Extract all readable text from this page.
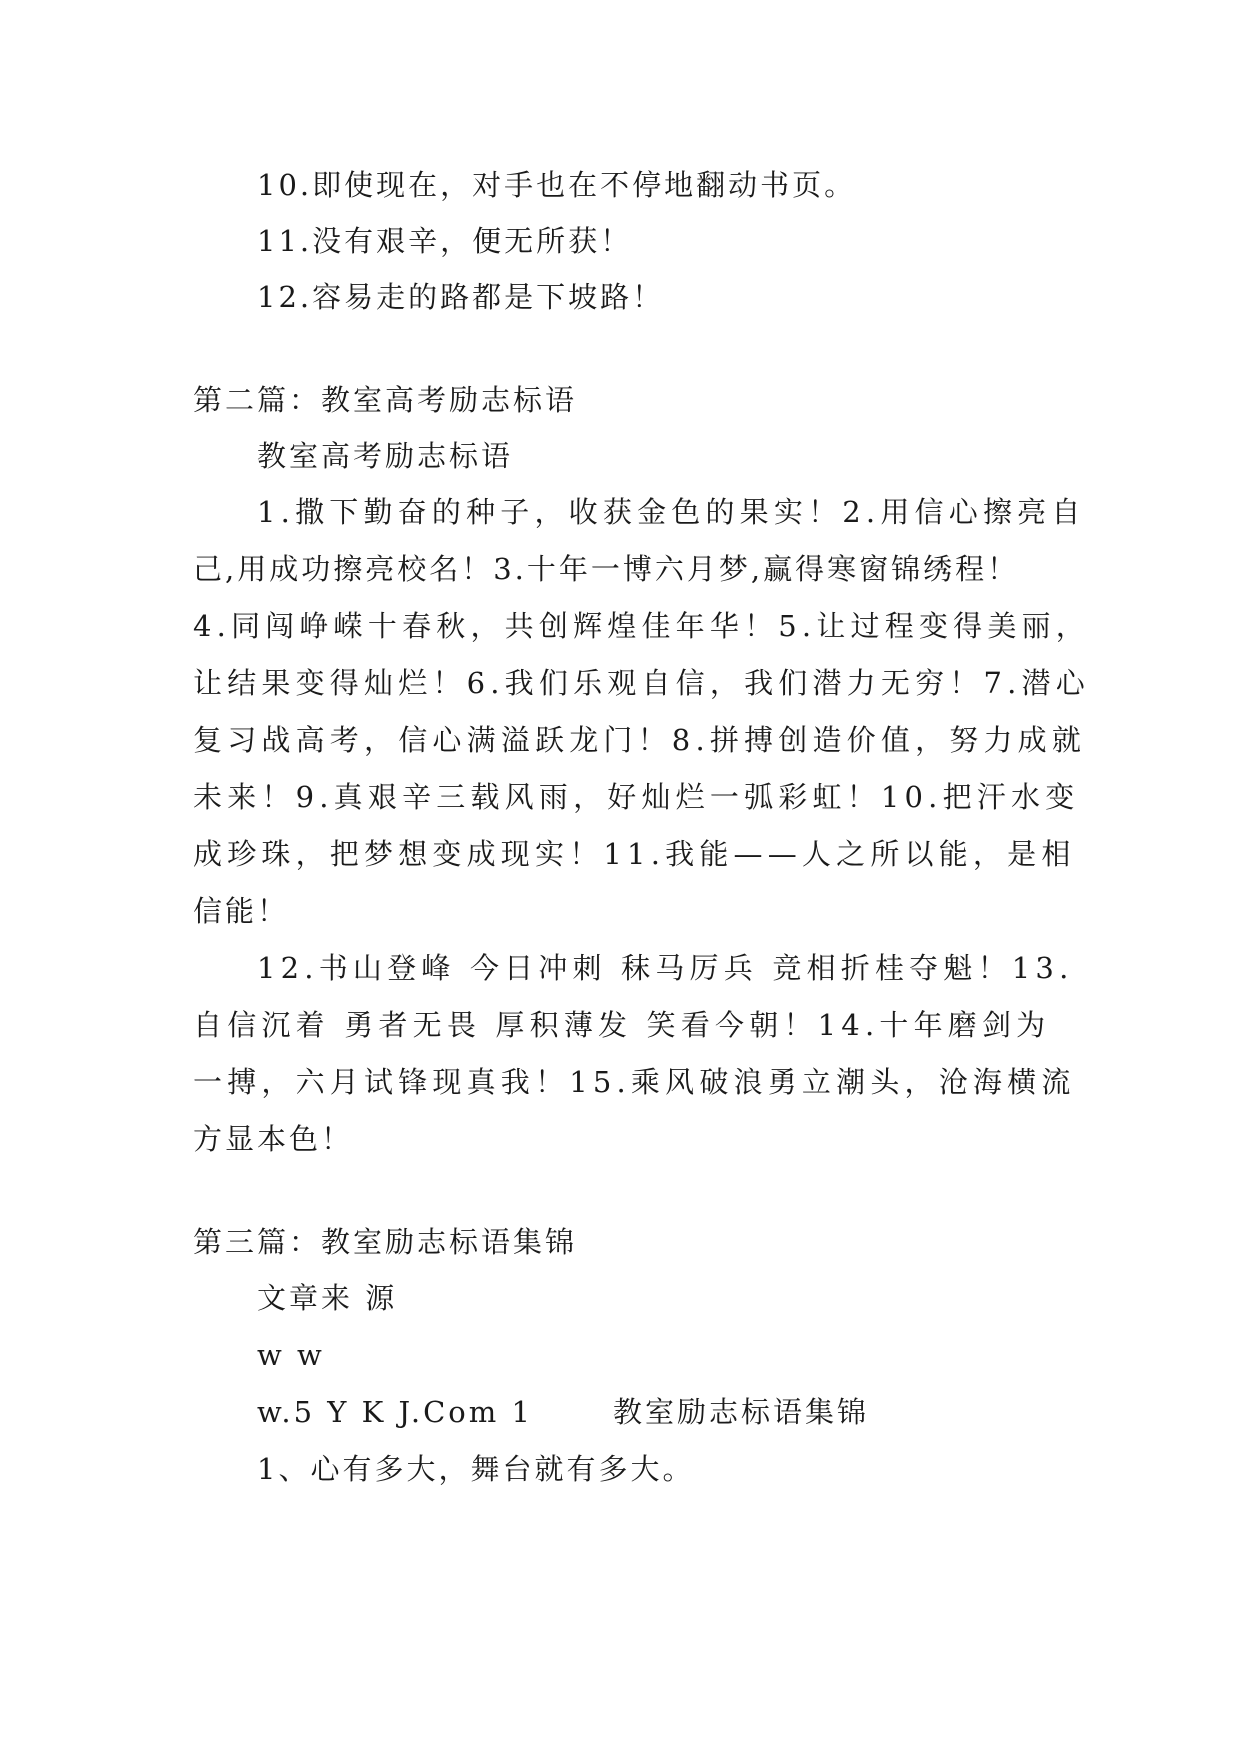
10.即使现在，对手也在不停地翻动书页。
11.没有艰辛，便无所获！
12.容易走的路都是下坡路！
第二篇：教室高考励志标语
教室高考励志标语
1.撒下勤奋的种子，收获金色的果实！2.用信心擦亮自
己,用成功擦亮校名！3.十年一博六月梦,赢得寒窗锦绣程！
4.同闯峥嵘十春秋，共创辉煌佳年华！5.让过程变得美丽，
让结果变得灿烂！6.我们乐观自信，我们潜力无穷！7.潜心
复习战高考，信心满溢跃龙门！8.拼搏创造价值，努力成就
未来！9.真艰辛三载风雨，好灿烂一弧彩虹！10.把汗水变
成珍珠，把梦想变成现实！11.我能——人之所以能，是相
信能！
12.书山登峰 今日冲刺 秣马厉兵 竞相折桂夺魁！13.
自信沉着 勇者无畏 厚积薄发 笑看今朝！14.十年磨剑为
一搏，六月试锋现真我！15.乘风破浪勇立潮头，沧海横流
方显本色！
第三篇：教室励志标语集锦
文章来 源
w w
w.5 Y K J.Com 1	教室励志标语集锦
1、心有多大，舞台就有多大。
